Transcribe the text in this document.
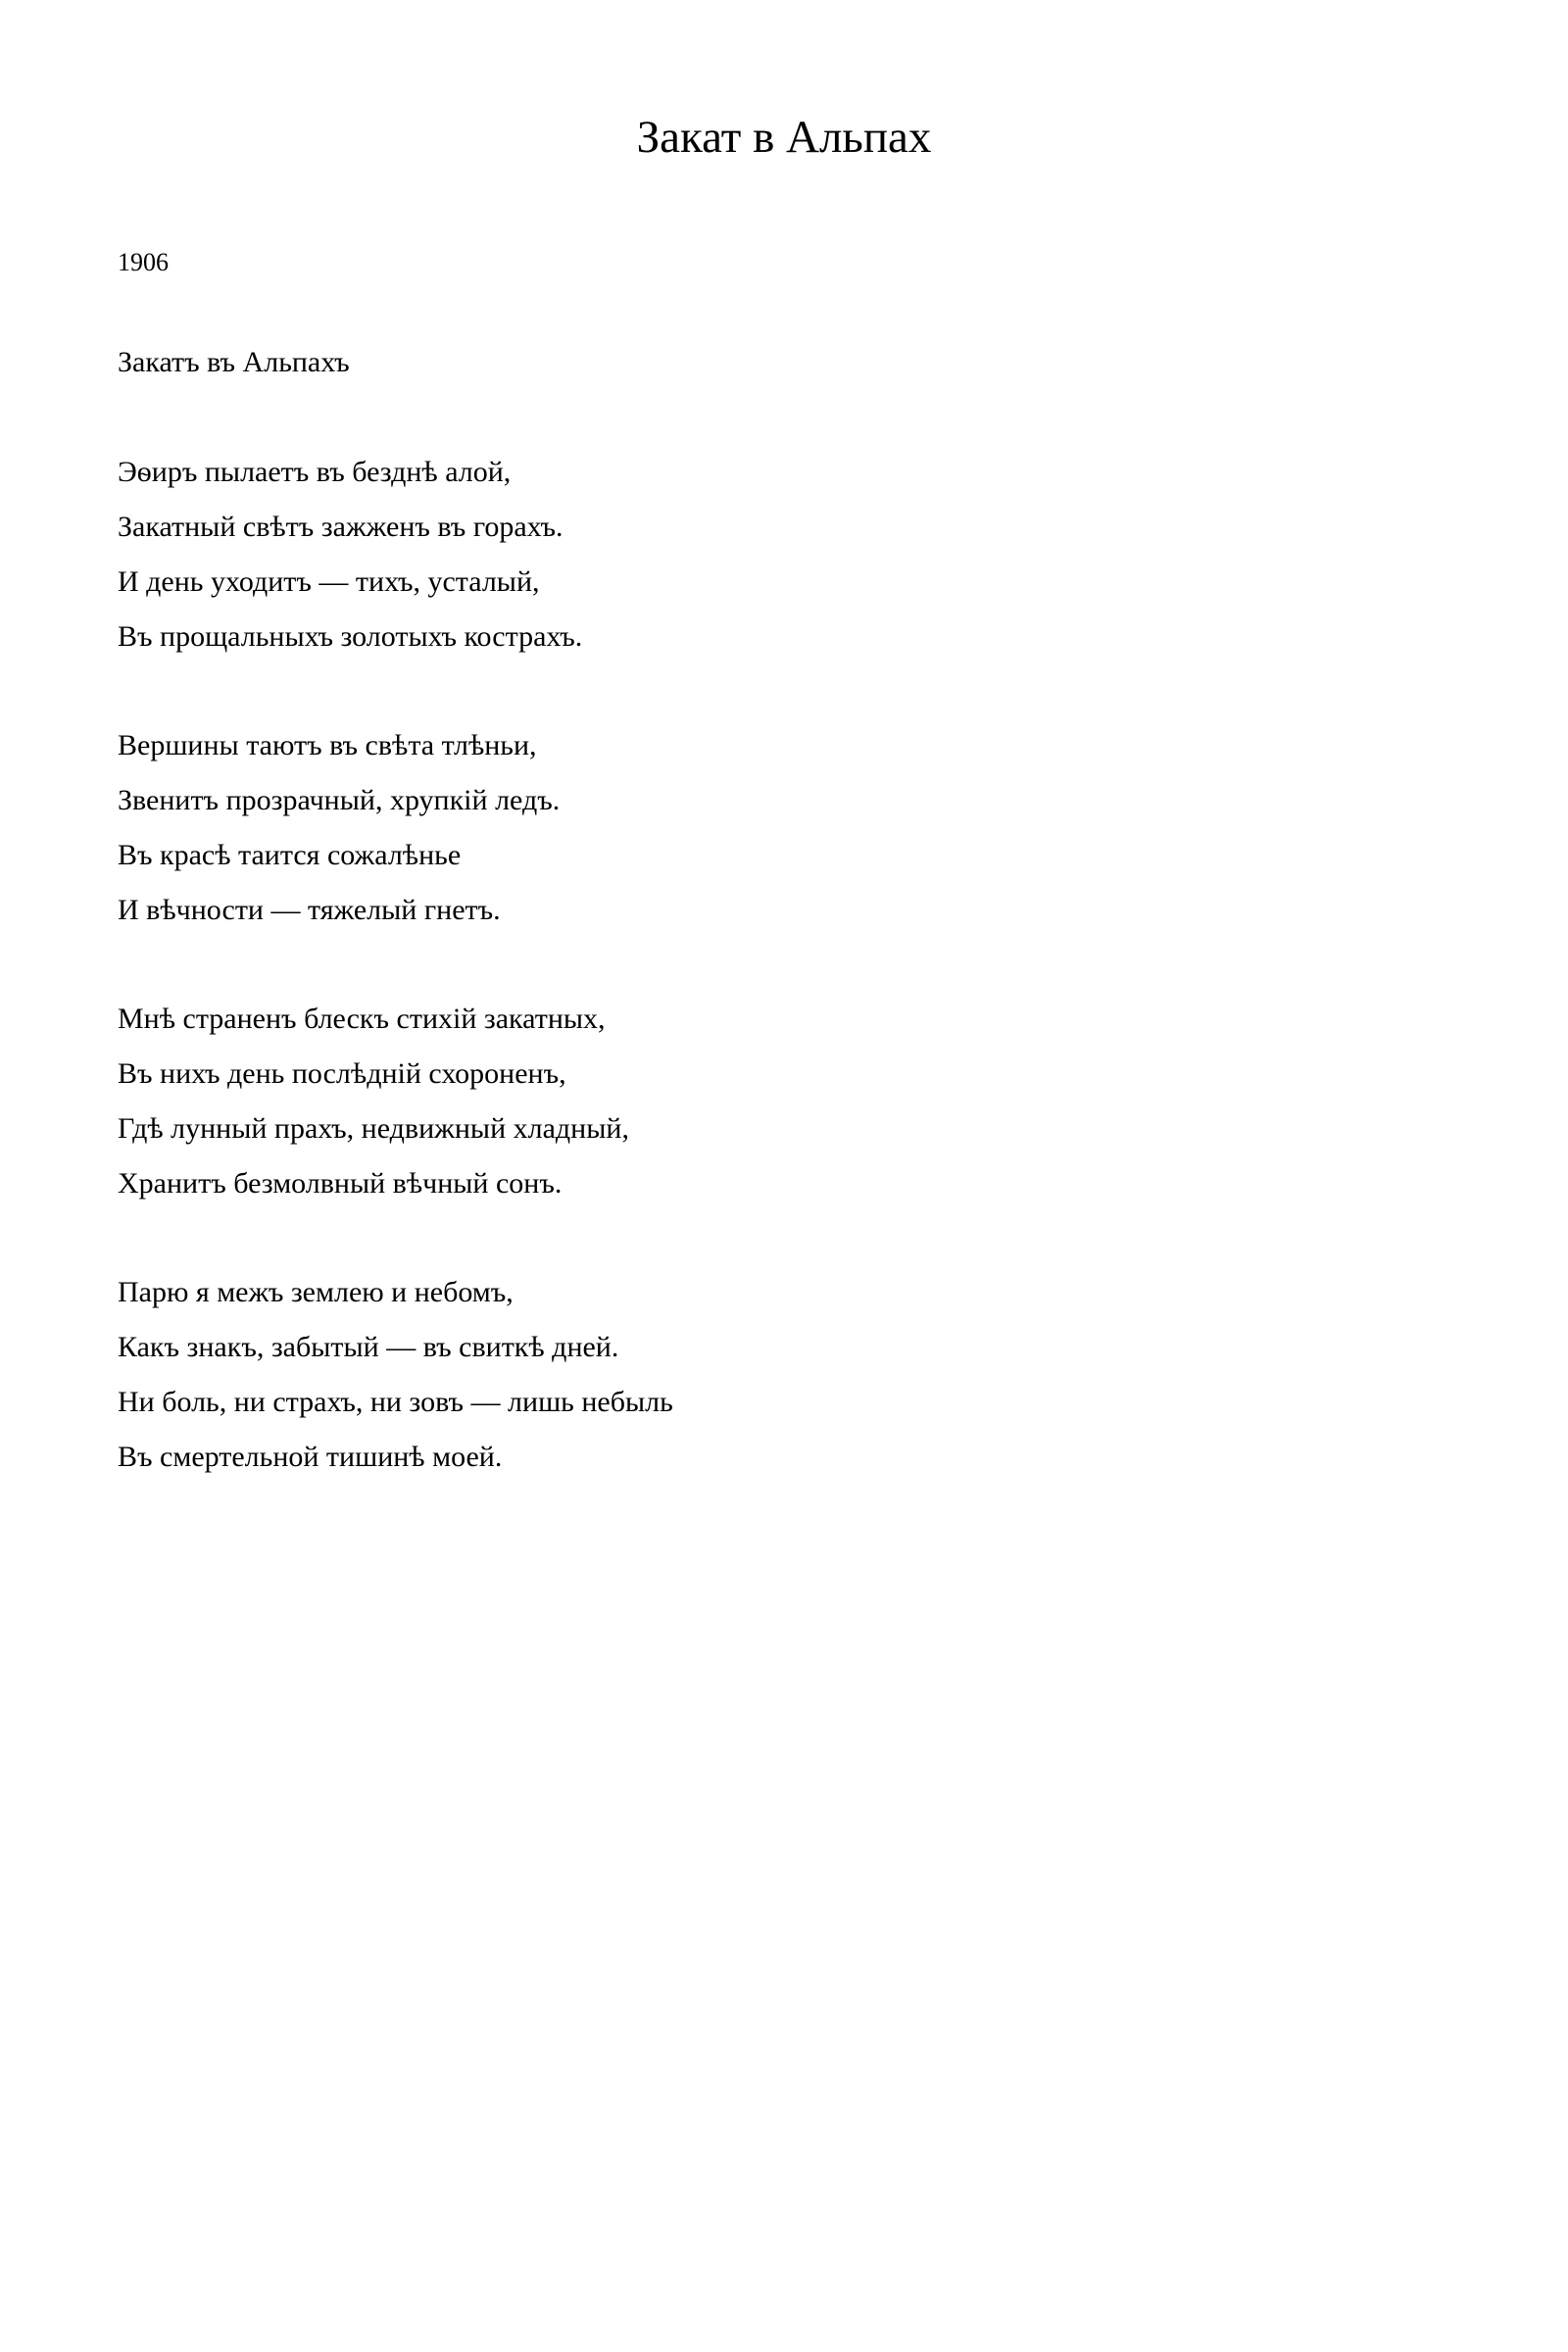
Закат в Альпах
1906
Закатъ въ Альпахъ
Эѳиръ пылаетъ въ безднѣ алой,
Закатный свѣтъ зажженъ въ горахъ.
И день уходитъ — тихъ, усталый,
Въ прощальныхъ золотыхъ кострахъ.
Вершины таютъ въ свѣта тлѣньи,
Звенитъ прозрачный, хрупкій ледъ.
Въ красѣ таится сожалѣнье
И вѣчности — тяжелый гнетъ.
Мнѣ страненъ блескъ стихій закатных,
Въ нихъ день послѣдній схороненъ,
Гдѣ лунный прахъ, недвижный хладный,
Хранитъ безмолвный вѣчный сонъ.
Парю я межъ землею и небомъ,
Какъ знакъ, забытый — въ свиткѣ дней.
Ни боль, ни страхъ, ни зовъ — лишь небыль
Въ смертельной тишинѣ моей.
